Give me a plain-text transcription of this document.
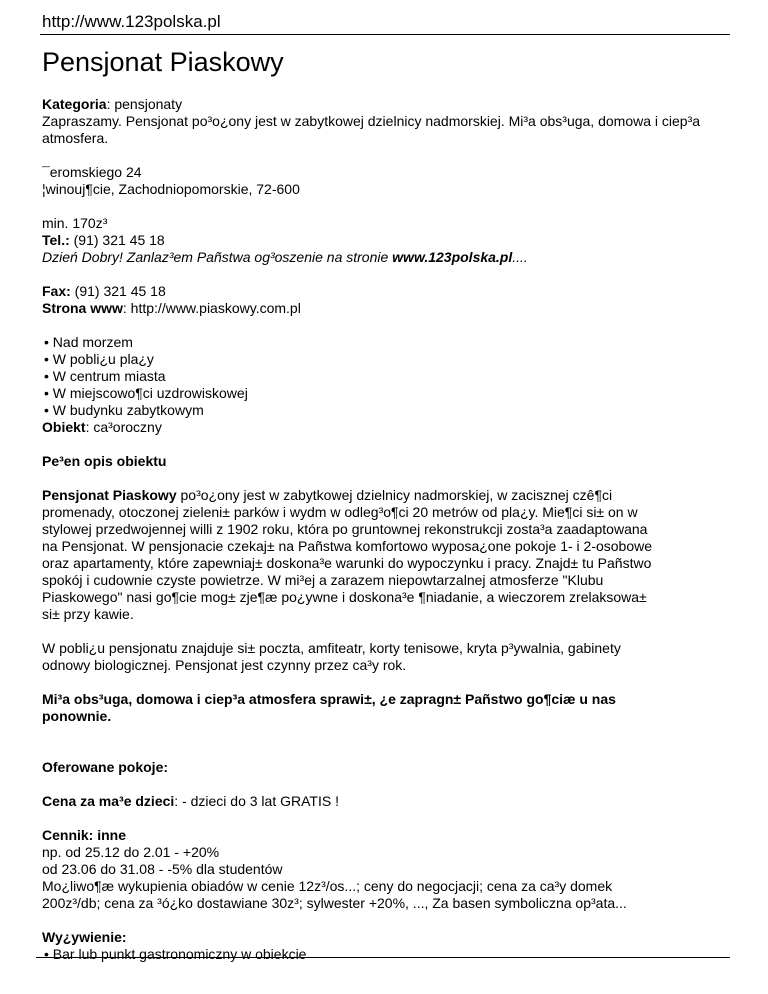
http://www.123polska.pl
Pensjonat Piaskowy

Kategoria: pensjonaty

Zapraszamy. Pensjonat po³o¿ony jest w zabytkowej dzielnicy nadmorskiej. Mi³a obs³uga, domowa i ciep³a atmosfera.

¯eromskiego 24

¦winouj¶cie, Zachodniopomorskie, 72-600

min. 170z³

Tel.: (91) 321 45 18

Dzień Dobry! Zanlaz³em Pañstwa og³oszenie na stronie www.123polska.pl....

Fax: (91) 321 45 18

Strona www: http://www.piaskowy.com.pl

• Nad morzem

• W pobli¿u pla¿y

• W centrum miasta

• W miejscowo¶ci uzdrowiskowej

• W budynku zabytkowym

Obiekt: ca³oroczny

Pe³en opis obiektu

Pensjonat Piaskowy po³o¿ony jest w zabytkowej dzielnicy nadmorskiej, w zacisznej czê¶ci

promenady, otoczonej zieleni± parków i wydm w odleg³o¶ci 20 metrów od pla¿y. Mie¶ci si± on w

stylowej przedwojennej willi z 1902 roku, która po gruntownej rekonstrukcji zosta³a zaadaptowana

na Pensjonat. W pensjonacie czekaj± na Pañstwa komfortowo wyposa¿one pokoje 1- i 2-osobowe

oraz apartamenty, które zapewniaj± doskona³e warunki do wypoczynku i pracy. Znajd± tu Pañstwo

spokój i cudownie czyste powietrze. W mi³ej a zarazem niepowtarzalnej atmosferze "Klubu

Piaskowego" nasi go¶cie mog± zje¶æ po¿ywne i doskona³e ¶niadanie, a wieczorem zrelaksowa±

si± przy kawie.

W pobli¿u pensjonatu znajduje si± poczta, amfiteatr, korty tenisowe, kryta p³ywalnia, gabinety

odnowy biologicznej. Pensjonat jest czynny przez ca³y rok.

Mi³a obs³uga, domowa i ciep³a atmosfera sprawi±, ¿e zapragn± Pañstwo go¶ciæ u nas

ponownie.

Oferowane pokoje:

Cena za ma³e dzieci: - dzieci do 3 lat GRATIS !

Cennik: inne

np. od 25.12 do 2.01 - +20%

od 23.06 do 31.08 - -5% dla studentów

Mo¿liwo¶æ wykupienia obiadów w cenie 12z³/os...; ceny do negocjacji; cena za ca³y domek

200z³/db; cena za ³ó¿ko dostawiane 30z³; sylwester +20%, ..., Za basen symboliczna op³ata...

Wy¿ywienie:

• Bar lub punkt gastronomiczny w obiekcie
